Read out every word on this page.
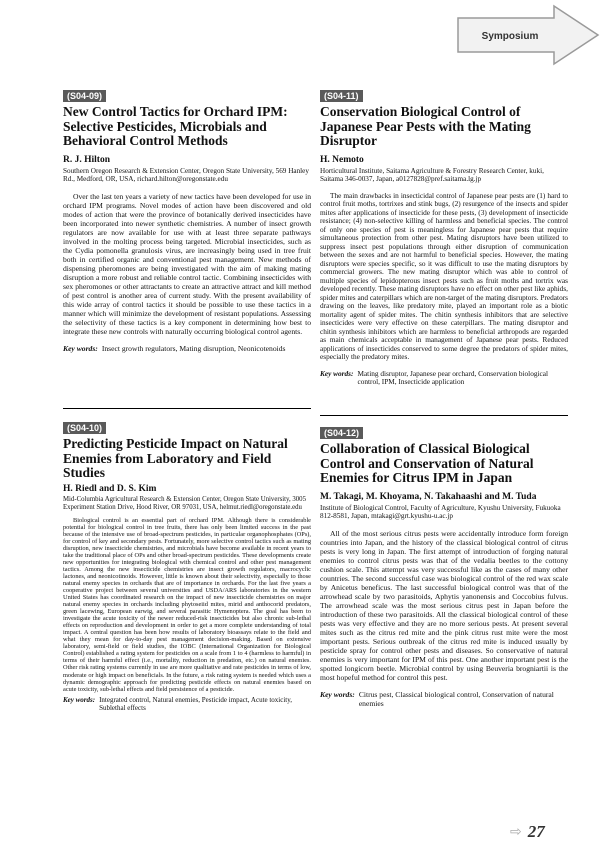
Symposium
(S04-09)
New Control Tactics for Orchard IPM: Selective Pesticides, Microbials and Behavioral Control Methods
R. J. Hilton
Southern Oregon Research & Extension Center, Oregon State University, 569 Hanley Rd., Medford, OR, USA, richard.hilton@oregonstate.edu
Over the last ten years a variety of new tactics have been developed for use in orchard IPM programs. Novel modes of action have been discovered and old modes of action that were the province of botanically derived insecticides have been incorporated into newer synthetic chemistries. A number of insect growth regulators are now available for use with at least three separate pathways involved in the molting process being targeted. Microbial insecticides, such as the Cydia pomonella granulosis virus, are increasingly being used in tree fruit both in certified organic and conventional pest management. New methods of dispensing pheromones are being investigated with the aim of making mating disruption a more robust and reliable control tactic. Combining insecticides with sex pheromones or other attractants to create an attractive attract and kill method of pest control is another area of current study. With the present availability of this wide array of control tactics it should be possible to use these tactics in a manner which will minimize the development of resistant populations. Assessing the selectivity of these tactics is a key component in determining how best to integrate these new controls with naturally occurring biological control agents.
Key words: Insect growth regulators, Mating disruption, Neonicotenoids
(S04-10)
Predicting Pesticide Impact on Natural Enemies from Laboratory and Field Studies
H. Riedl and D. S. Kim
Mid-Columbia Agricultural Research & Extension Center, Oregon State University, 3005 Experiment Station Drive, Hood River, OR 97031, USA, helmut.riedl@oregonstate.edu
Biological control is an essential part of orchard IPM. Although there is considerable potential for biological control in tree fruits, there has only been limited success in the past because of the intensive use of broad-spectrum pesticides, in particular organophosphates (OPs), for control of key and secondary pests. Fortunately, more selective control tactics such as mating disruption, new insecticide chemistries, and microbials have become available in recent years to take the traditional place of OPs and other broad-spectrum pesticides. These developments create new opportunities for integrating biological with chemical control and other pest management tactics. Among the new insecticide chemistries are insect growth regulators, macrocyclic lactones, and neonicotinoids. However, little is known about their selectivity, especially to those natural enemy species in orchards that are of importance in orchards. For the last five years a cooperative project between several universities and USDA/ARS laboratories in the western United States has coordinated research on the impact of new insecticide chemistries on major natural enemy species in orchards including phytoseiid mites, mirid and anthocorid predators, green lacewing, European earwig, and several parasitic Hymenoptera. The goal has been to investigate the acute toxicity of the newer reduced-risk insecticides but also chronic sub-lethal effects on reproduction and development in order to get a more complete understanding of total impact. A central question has been how results of laboratory bioassays relate to the field and what they mean for day-to-day pest management decision-making. Based on extensive laboratory, semi-field or field studies, the IOBC (International Organization for Biological Control) established a rating system for pesticides on a scale from 1 to 4 (harmless to harmful) in terms of their harmful effect (i.e., mortality, reduction in predation, etc.) on natural enemies. Other risk rating systems currently in use are more qualitative and rate pesticides in terms of low, moderate or high impact on beneficials. In the future, a risk rating system is needed which uses a dynamic demographic approach for predicting pesticide effects on natural enemies based on acute toxicity, sub-lethal effects and field persistence of a pesticide.
Key words: Integrated control, Natural enemies, Pesticide impact, Acute toxicity, Sublethal effects
(S04-11)
Conservation Biological Control of Japanese Pear Pests with the Mating Disruptor
H. Nemoto
Horticultural Institute, Saitama Agriculture & Forestry Research Center, kuki, Saitama 346-0037, Japan, a0127828@pref.saitama.lg.jp
The main drawbacks in insecticidal control of Japanese pear pests are (1) hard to control fruit moths, tortrixes and stink bugs, (2) resurgence of the insects and spider mites after applications of insecticide for these pests, (3) development of insecticide resistance; (4) non-selective killing of harmless and beneficial species. The control of only one species of pest is meaningless for Japanese pear pests that require simultaneous protection from other pest. Mating disruptors have been utilized to suppress insect pest populations through either disruption of communication between the sexes and are not harmful to beneficial species. However, the mating disruptors were species specific, so it was difficult to use the mating disruptors by commercial growers. The new mating disruptor which was able to control of multiple species of lepidopterous insect pests such as fruit moths and tortrix was developed recently. These mating disruptors have no effect on other pest like aphids, spider mites and caterpillars which are non-target of the mating disruptors. Predators drawing on the leaves, like predatory mite, played an important role as a biotic mortality agent of spider mites. The chitin synthesis inhibitors that are selective insecticides were very effective on these caterpillars. The mating disruptor and chitin synthesis inhibitors which are harmless to beneficial arthropods are regarded as main chemicals acceptable in management of Japanese pear pests. Reduced applications of insecticides conserved to some degree the predators of spider mites, especially the predatory mites.
Key words: Mating disruptor, Japanese pear orchard, Conservation biological control, IPM, Insecticide application
(S04-12)
Collaboration of Classical Biological Control and Conservation of Natural Enemies for Citrus IPM in Japan
M. Takagi, M. Khoyama, N. Takahaashi and M. Tuda
Institute of Biological Control, Faculty of Agriculture, Kyushu University, Fukuoka 812-8581, Japan, mtakagi@grt.kyushu-u.ac.jp
All of the most serious citrus pests were accidentally introduce form foreign countries into Japan, and the history of the classical biological control of citrus pests is very long in Japan. The first attempt of introduction of forging natural enemies to control citrus pests was that of the vedalia beetles to the cottony cushion scale. This attempt was very successful like as the cases of many other countries. The second successful case was biological control of the red wax scale by Anicetus beneficus. The last successful biological control was that of the arrowhead scale by two parasitoids, Aphytis yanonensis and Coccobius fulvus. The arrowhead scale was the most serious citrus pest in Japan before the introduction of these two parasitoids. All the classical biological control of these pests was very effective and they are no more serious pests. At present several mites such as the citrus red mite and the pink citrus rust mite were the most important pests. Serious outbreak of the citrus red mite is induced usually by pesticide spray for control other pests and diseases. So conservative of natural enemies is very important for IPM of this pest. One another important pest is the spotted longicorn beetle. Microbial control by using Beuveria brogniartii is the most hopeful method for control this pest.
Key words: Citrus pest, Classical biological control, Conservation of natural enemies
⇨ 27
